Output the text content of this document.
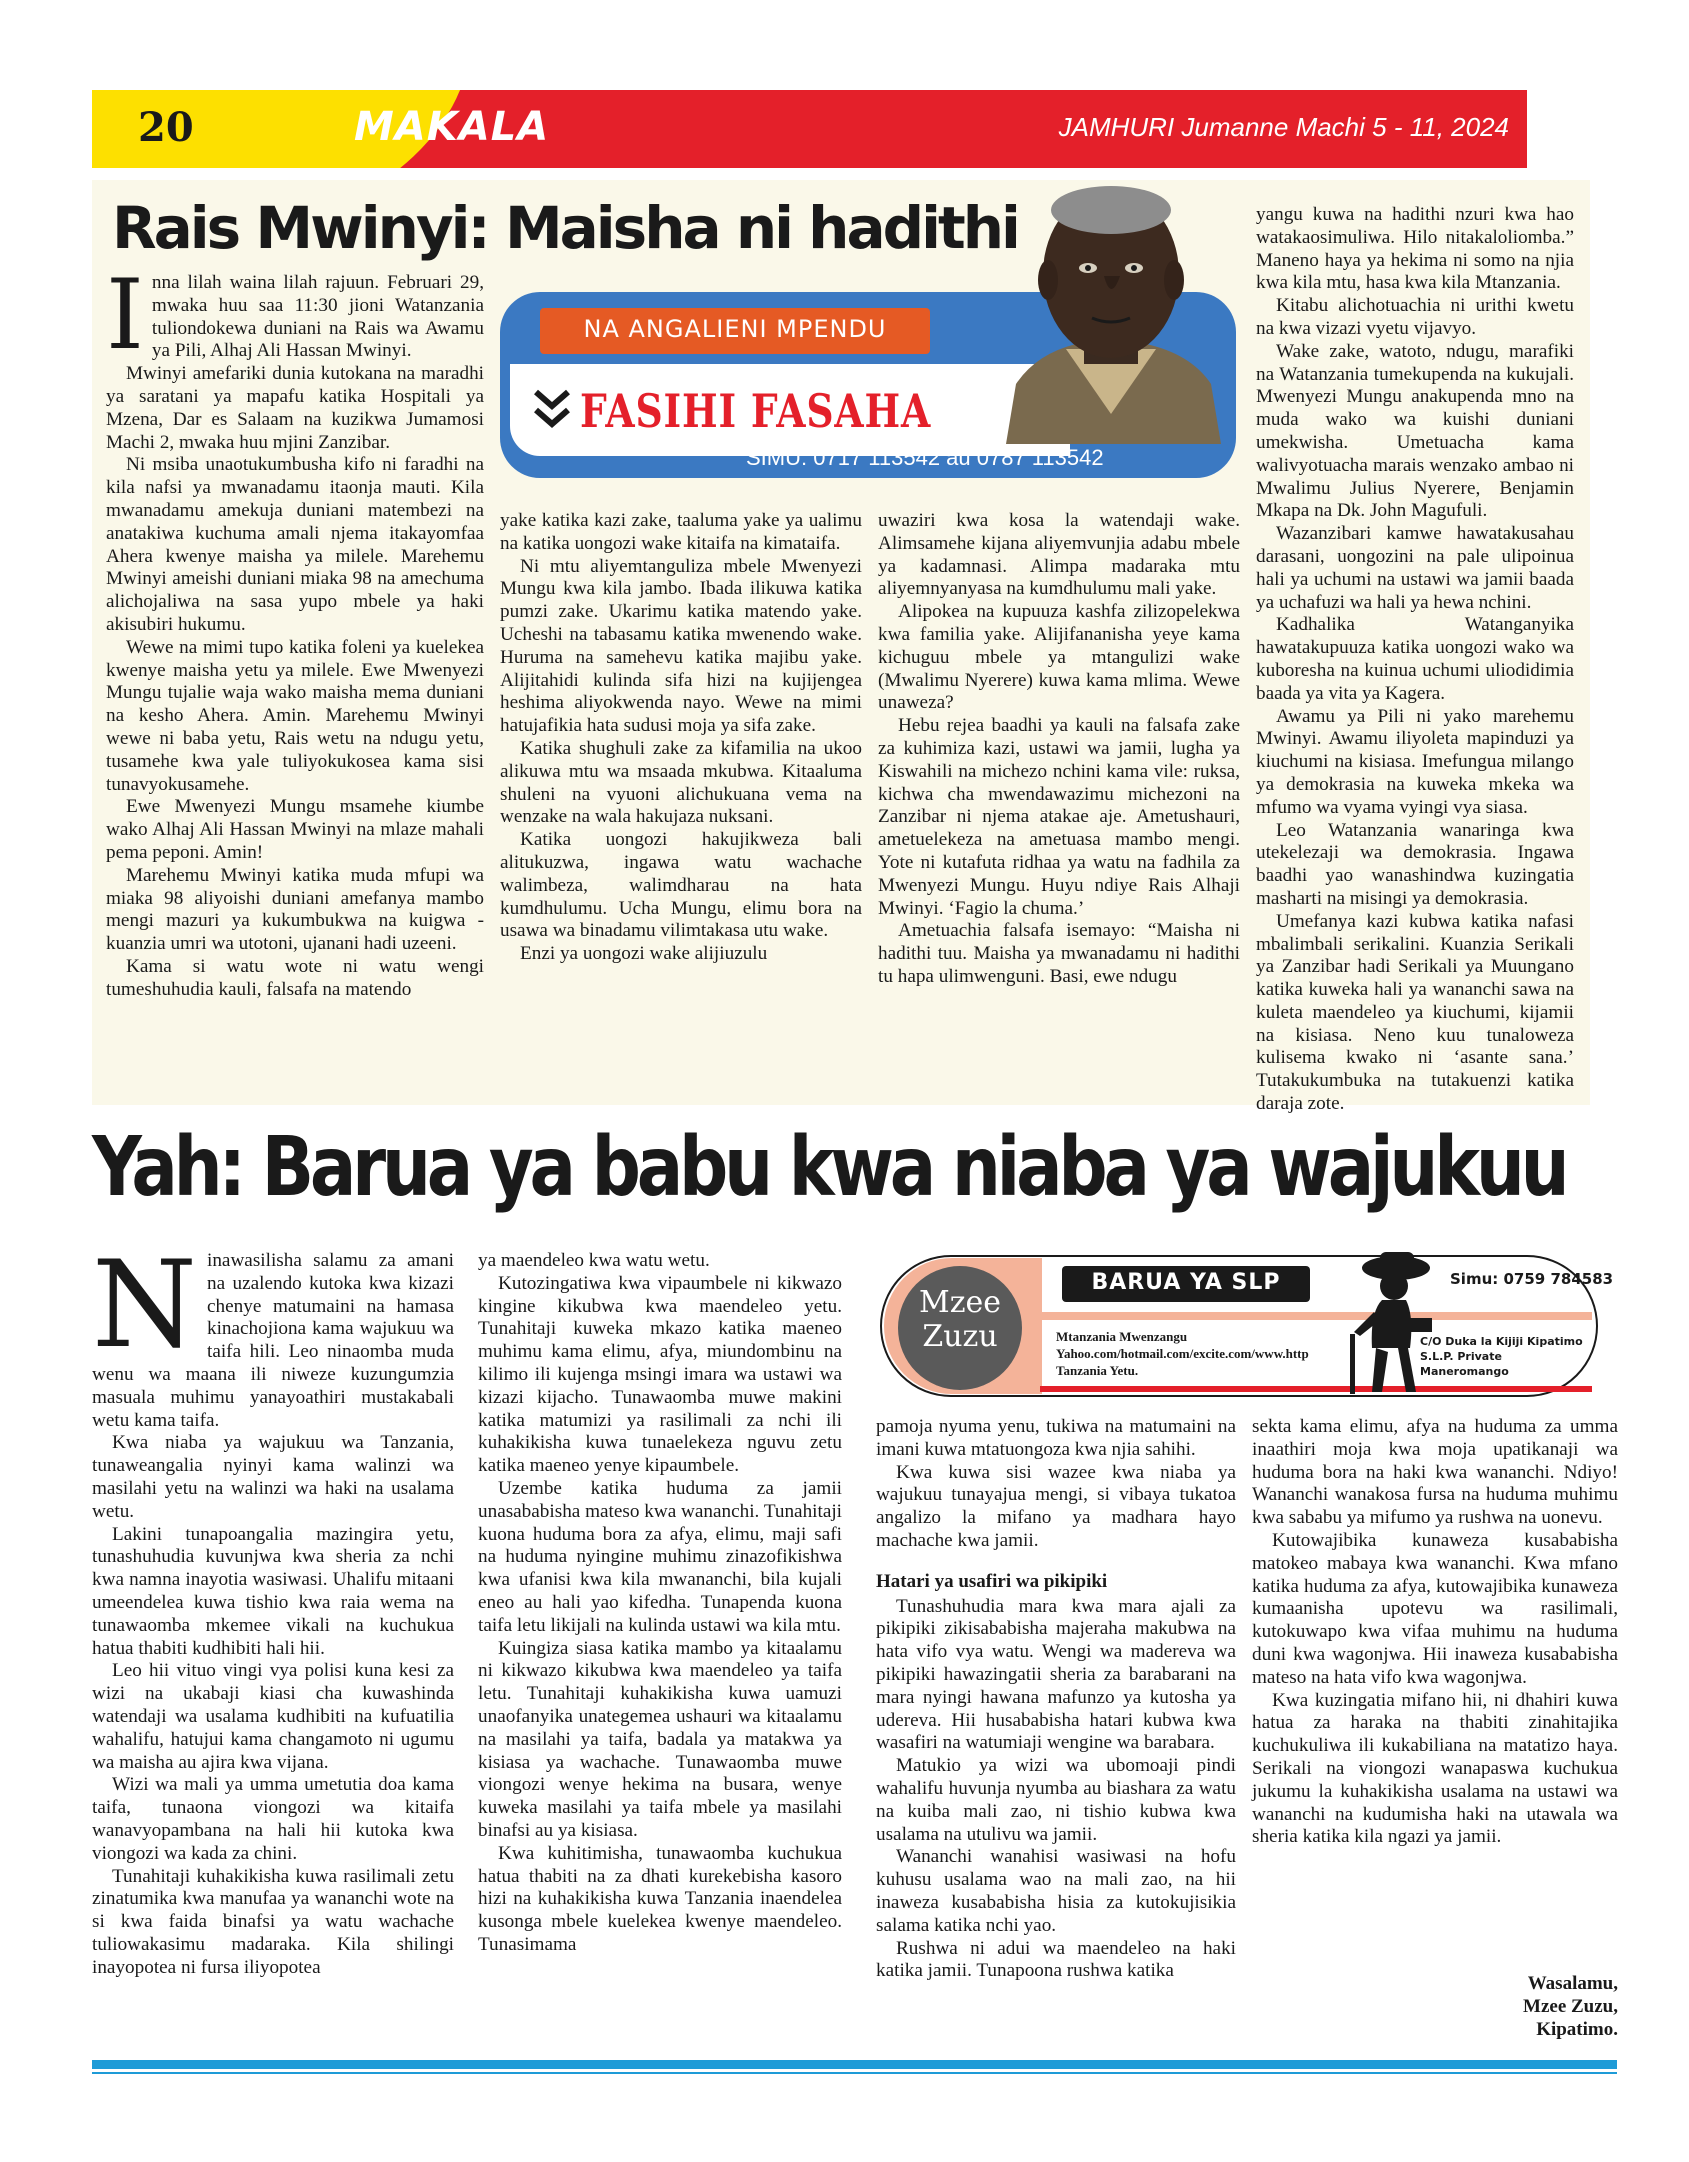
20	MAKALA	JAMHURI Jumanne Machi 5 - 11, 2024
Rais Mwinyi: Maisha ni hadithi
I nna lilah waina lilah rajuun. Februari 29, mwaka huu saa 11:30 jioni Watanzania tuliondokewa duniani na Rais wa Awamu ya Pili, Alhaj Ali Hassan Mwinyi.

Mwinyi amefariki dunia kutokana na maradhi ya saratani ya mapafu katika Hospitali ya Mzena, Dar es Salaam na kuzikwa Jumamosi Machi 2, mwaka huu mjini Zanzibar.

Ni msiba unaotukumbusha kifo ni faradhi na kila nafsi ya mwanadamu itaonja mauti. Kila mwanadamu amekuja duniani matembezi na anatakiwa kuchuma amali njema itakayomfaa Ahera kwenye maisha ya milele. Marehemu Mwinyi ameishi duniani miaka 98 na amechuma alichojaliwa na sasa yupo mbele ya haki akisubiri hukumu.

Wewe na mimi tupo katika foleni ya kuelekea kwenye maisha yetu ya milele. Ewe Mwenyezi Mungu tujalie waja wako maisha mema duniani na kesho Ahera. Amin. Marehemu Mwinyi wewe ni baba yetu, Rais wetu na ndugu yetu, tusamehe kwa yale tuliyokukosea kama sisi tunavyokusamehe.

Ewe Mwenyezi Mungu msamehe kiumbe wako Alhaj Ali Hassan Mwinyi na mlaze mahali pema peponi. Amin!

Marehemu Mwinyi katika muda mfupi wa miaka 98 aliyoishi duniani amefanya mambo mengi mazuri ya kukumbukwa na kuigwa - kuanzia umri wa utotoni, ujanani hadi uzeeni.

Kama si watu wote ni watu wengi tumeshuhudia kauli, falsafa na matendo

yake katika kazi zake, taaluma yake ya ualimu na katika uongozi wake kitaifa na kimataifa.

Ni mtu aliyemtanguliza mbele Mwenyezi Mungu kwa kila jambo. Ibada ilikuwa katika pumzi zake. Ukarimu katika matendo yake. Ucheshi na tabasamu katika mwenendo wake. Huruma na samehevu katika majibu yake. Alijitahidi kulinda sifa hizi na kujijengea heshima aliyokwenda nayo. Wewe na mimi hatujafikia hata sudusi moja ya sifa zake.

Katika shughuli zake za kifamilia na ukoo alikuwa mtu wa msaada mkubwa. Kitaaluma shuleni na vyuoni alichukuana vema na wenzake na wala hakujaza nuksani.

Katika uongozi hakujikweza bali alitukuzwa, ingawa watu wachache walimbeza, walimdharau na hata kumdhulumu. Ucha Mungu, elimu bora na usawa wa binadamu vilimtakasa utu wake.

Enzi ya uongozi wake alijiuzulu

uwaziri kwa kosa la watendaji wake. Alimsamehe kijana aliyemvunjia adabu mbele ya kadamnasi. Alimpa madaraka mtu aliyemnyanyasa na kumdhulumu mali yake.

Alipokea na kupuuza kashfa zilizopelekwa kwa familia yake. Alijifananisha yeye kama kichuguu mbele ya mtangulizi wake (Mwalimu Nyerere) kuwa kama mlima. Wewe unaweza?

Hebu rejea baadhi ya kauli na falsafa zake za kuhimiza kazi, ustawi wa jamii, lugha ya Kiswahili na michezo nchini kama vile: ruksa, kichwa cha mwendawazimu michezoni na Zanzibar ni njema atakae aje. Ametushauri, ametuelekeza na ametuasa mambo mengi. Yote ni kutafuta ridhaa ya watu na fadhila za Mwenyezi Mungu. Huyu ndiye Rais Alhaji Mwinyi. ‘Fagio la chuma.’

Ametuachia falsafa isemayo: “Maisha ni hadithi tuu. Maisha ya mwanadamu ni hadithi tu hapa ulimwenguni. Basi, ewe ndugu

yangu kuwa na hadithi nzuri kwa hao watakaosimuliwa. Hilo nitakaloliomba.” Maneno haya ya hekima ni somo na njia kwa kila mtu, hasa kwa kila Mtanzania.

Kitabu alichotuachia ni urithi kwetu na kwa vizazi vyetu vijavyo.

Wake zake, watoto, ndugu, marafiki na Watanzania tumekupenda na kukujali. Mwenyezi Mungu anakupenda mno na muda wako wa kuishi duniani umekwisha. Umetuacha kama walivyotuacha marais wenzako ambao ni Mwalimu Julius Nyerere, Benjamin Mkapa na Dk. John Magufuli.

Wazanzibari kamwe hawatakusahau darasani, uongozini na pale ulipoinua hali ya uchumi na ustawi wa jamii baada ya uchafuzi wa hali ya hewa nchini.

Kadhalika Watanganyika hawatakupuuza katika uongozi wako wa kuboresha na kuinua uchumi uliodidimia baada ya vita ya Kagera.

Awamu ya Pili ni yako marehemu Mwinyi. Awamu iliyoleta mapinduzi ya kiuchumi na kisiasa. Imefungua milango ya demokrasia na kuweka mkeka wa mfumo wa vyama vyingi vya siasa.

Leo Watanzania wanaringa kwa utekelezaji wa demokrasia. Ingawa baadhi yao wanashindwa kuzingatia masharti na misingi ya demokrasia.

Umefanya kazi kubwa katika nafasi mbalimbali serikalini. Kuanzia Serikali ya Zanzibar hadi Serikali ya Muungano katika kuweka hali ya wananchi sawa na kuleta maendeleo ya kiuchumi, kijamii na kisiasa. Neno kuu tunaloweza kulisema kwako ni ‘asante sana.’ Tutakukumbuka na tutakuenzi katika daraja zote.

NA ANGALIENI MPENDU
FASIHI FASAHA
SIMU: 0717 113542 au 0787 113542
Yah: Barua ya babu kwa niaba ya wajukuu
N inawasilisha salamu za amani na uzalendo kutoka kwa kizazi chenye matumaini na hamasa kinachojiona kama wajukuu wa taifa hili. Leo ninaomba muda wenu wa maana ili niweze kuzungumzia masuala muhimu yanayoathiri mustakabali wetu kama taifa.

Kwa niaba ya wajukuu wa Tanzania, tunaweangalia nyinyi kama walinzi wa masilahi yetu na walinzi wa haki na usalama wetu.

Lakini tunapoangalia mazingira yetu, tunashuhudia kuvunjwa kwa sheria za nchi kwa namna inayotia wasiwasi. Uhalifu mitaani umeendelea kuwa tishio kwa raia wema na tunawaomba mkemee vikali na kuchukua hatua thabiti kudhibiti hali hii.

Leo hii vituo vingi vya polisi kuna kesi za wizi na ukabaji kiasi cha kuwashinda watendaji wa usalama kudhibiti na kufuatilia wahalifu, hatujui kama changamoto ni ugumu wa maisha au ajira kwa vijana.

Wizi wa mali ya umma umetutia doa kama taifa, tunaona viongozi wa kitaifa wanavyopambana na hali hii kutoka kwa viongozi wa kada za chini.

Tunahitaji kuhakikisha kuwa rasilimali zetu zinatumika kwa manufaa ya wananchi wote na si kwa faida binafsi ya watu wachache tuliowakasimu madaraka. Kila shilingi inayopotea ni fursa iliyopotea

ya maendeleo kwa watu wetu.

Kutozingatiwa kwa vipaumbele ni kikwazo kingine kikubwa kwa maendeleo yetu. Tunahitaji kuweka mkazo katika maeneo muhimu kama elimu, afya, miundombinu na kilimo ili kujenga msingi imara wa ustawi wa kizazi kijacho. Tunawaomba muwe makini katika matumizi ya rasilimali za nchi ili kuhakikisha kuwa tunaelekeza nguvu zetu katika maeneo yenye kipaumbele.

Uzembe katika huduma za jamii unasababisha mateso kwa wananchi. Tunahitaji kuona huduma bora za afya, elimu, maji safi na huduma nyingine muhimu zinazofikishwa kwa ufanisi kwa kila mwananchi, bila kujali eneo au hali yao kifedha. Tunapenda kuona taifa letu likijali na kulinda ustawi wa kila mtu.

Kuingiza siasa katika mambo ya kitaalamu ni kikwazo kikubwa kwa maendeleo ya taifa letu. Tunahitaji kuhakikisha kuwa uamuzi unaofanyika unategemea ushauri wa kitaalamu na masilahi ya taifa, badala ya matakwa ya kisiasa ya wachache. Tunawaomba muwe viongozi wenye hekima na busara, wenye kuweka masilahi ya taifa mbele ya masilahi binafsi au ya kisiasa.

Kwa kuhitimisha, tunawaomba kuchukua hatua thabiti na za dhati kurekebisha kasoro hizi na kuhakikisha kuwa Tanzania inaendelea kusonga mbele kuelekea kwenye maendeleo. Tunasimama

Mzee
Zuzu
BARUA YA SLP	Simu: 0759 784583
Mtanzania Mwenzangu
Yahoo.com/hotmail.com/excite.com/www.http
Tanzania Yetu.
C/O Duka la Kijiji Kipatimo
S.L.P. Private
Maneromango

pamoja nyuma yenu, tukiwa na matumaini na imani kuwa mtatuongoza kwa njia sahihi.

Kwa kuwa sisi wazee kwa niaba ya wajukuu tunayajua mengi, si vibaya tukatoa angalizo la mifano ya madhara hayo machache kwa jamii.

Hatari ya usafiri wa pikipiki

Tunashuhudia mara kwa mara ajali za pikipiki zikisababisha majeraha makubwa na hata vifo vya watu. Wengi wa madereva wa pikipiki hawazingatii sheria za barabarani na mara nyingi hawana mafunzo ya kutosha ya udereva. Hii husababisha hatari kubwa kwa wasafiri na watumiaji wengine wa barabara.

Matukio ya wizi wa ubomoaji pindi wahalifu huvunja nyumba au biashara za watu na kuiba mali zao, ni tishio kubwa kwa usalama na utulivu wa jamii.

Wananchi wanahisi wasiwasi na hofu kuhusu usalama wao na mali zao, na hii inaweza kusababisha hisia za kutokujisikia salama katika nchi yao.

Rushwa ni adui wa maendeleo na haki katika jamii. Tunapoona rushwa katika

sekta kama elimu, afya na huduma za umma inaathiri moja kwa moja upatikanaji wa huduma bora na haki kwa wananchi. Ndiyo! Wananchi wanakosa fursa na huduma muhimu kwa sababu ya mifumo ya rushwa na uonevu.

Kutowajibika kunaweza kusababisha matokeo mabaya kwa wananchi. Kwa mfano katika huduma za afya, kutowajibika kunaweza kumaanisha upotevu wa rasilimali, kutokuwapo kwa vifaa muhimu na huduma duni kwa wagonjwa. Hii inaweza kusababisha mateso na hata vifo kwa wagonjwa.

Kwa kuzingatia mifano hii, ni dhahiri kuwa hatua za haraka na thabiti zinahitajika kuchukuliwa ili kukabiliana na matatizo haya. Serikali na viongozi wanapaswa kuchukua jukumu la kuhakikisha usalama na ustawi wa wananchi na kudumisha haki na utawala wa sheria katika kila ngazi ya jamii.

Wasalamu,
Mzee Zuzu,
Kipatimo.
